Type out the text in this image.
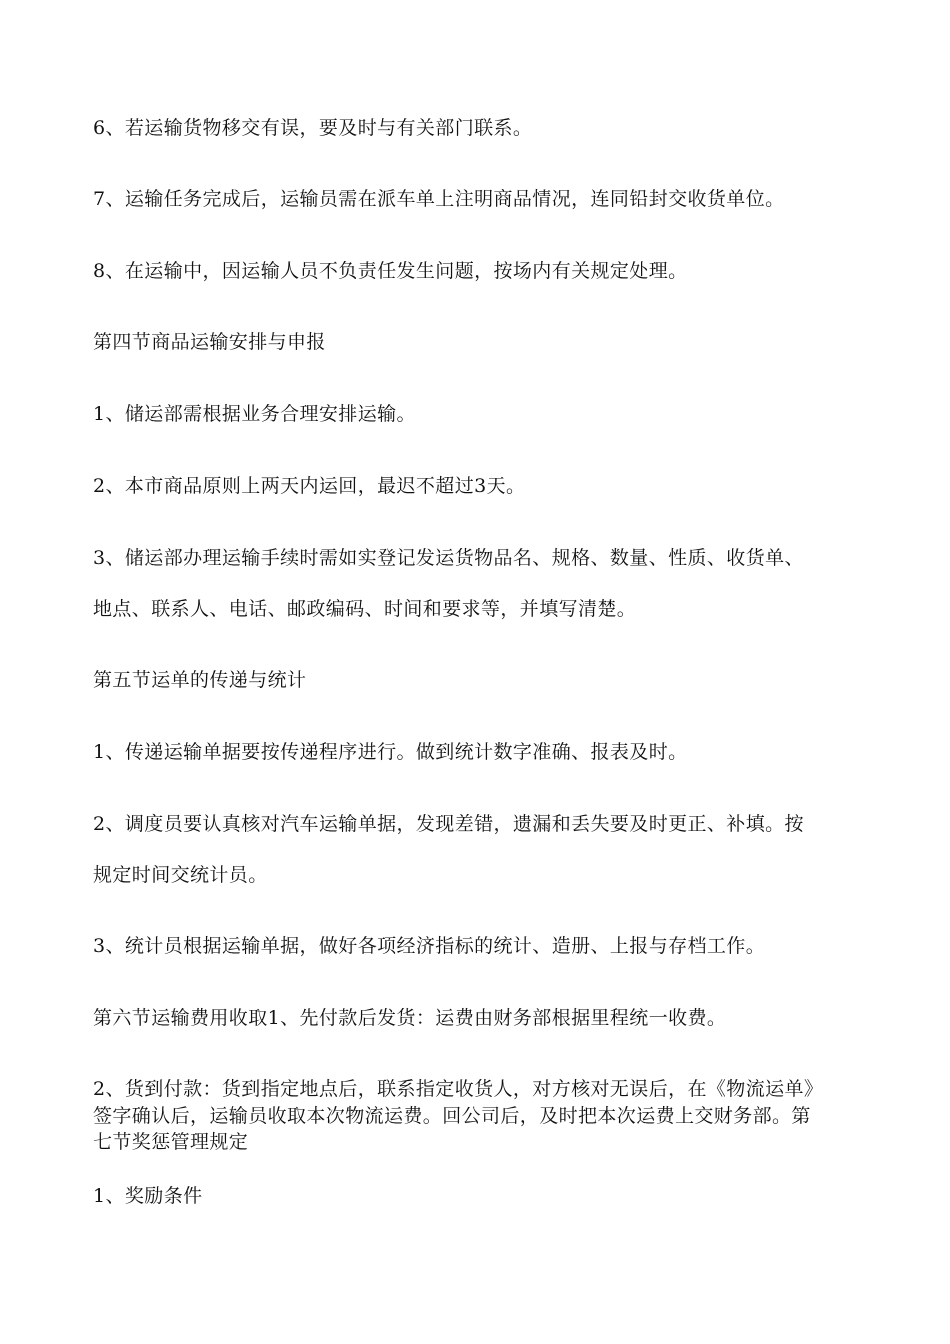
6、若运输货物移交有误，要及时与有关部门联系。
7、运输任务完成后，运输员需在派车单上注明商品情况，连同铅封交收货单位。
8、在运输中，因运输人员不负责任发生问题，按场内有关规定处理。
第四节商品运输安排与申报
1、储运部需根据业务合理安排运输。
2、本市商品原则上两天内运回，最迟不超过3天。
3、储运部办理运输手续时需如实登记发运货物品名、规格、数量、性质、收货单、
地点、联系人、电话、邮政编码、时间和要求等，并填写清楚。
第五节运单的传递与统计
1、传递运输单据要按传递程序进行。做到统计数字准确、报表及时。
2、调度员要认真核对汽车运输单据，发现差错，遗漏和丢失要及时更正、补填。按
规定时间交统计员。
3、统计员根据运输单据，做好各项经济指标的统计、造册、上报与存档工作。
第六节运输费用收取1、先付款后发货：运费由财务部根据里程统一收费。
2、货到付款：货到指定地点后，联系指定收货人，对方核对无误后，在《物流运单》
签字确认后，运输员收取本次物流运费。回公司后，及时把本次运费上交财务部。第
七节奖惩管理规定
1、奖励条件
